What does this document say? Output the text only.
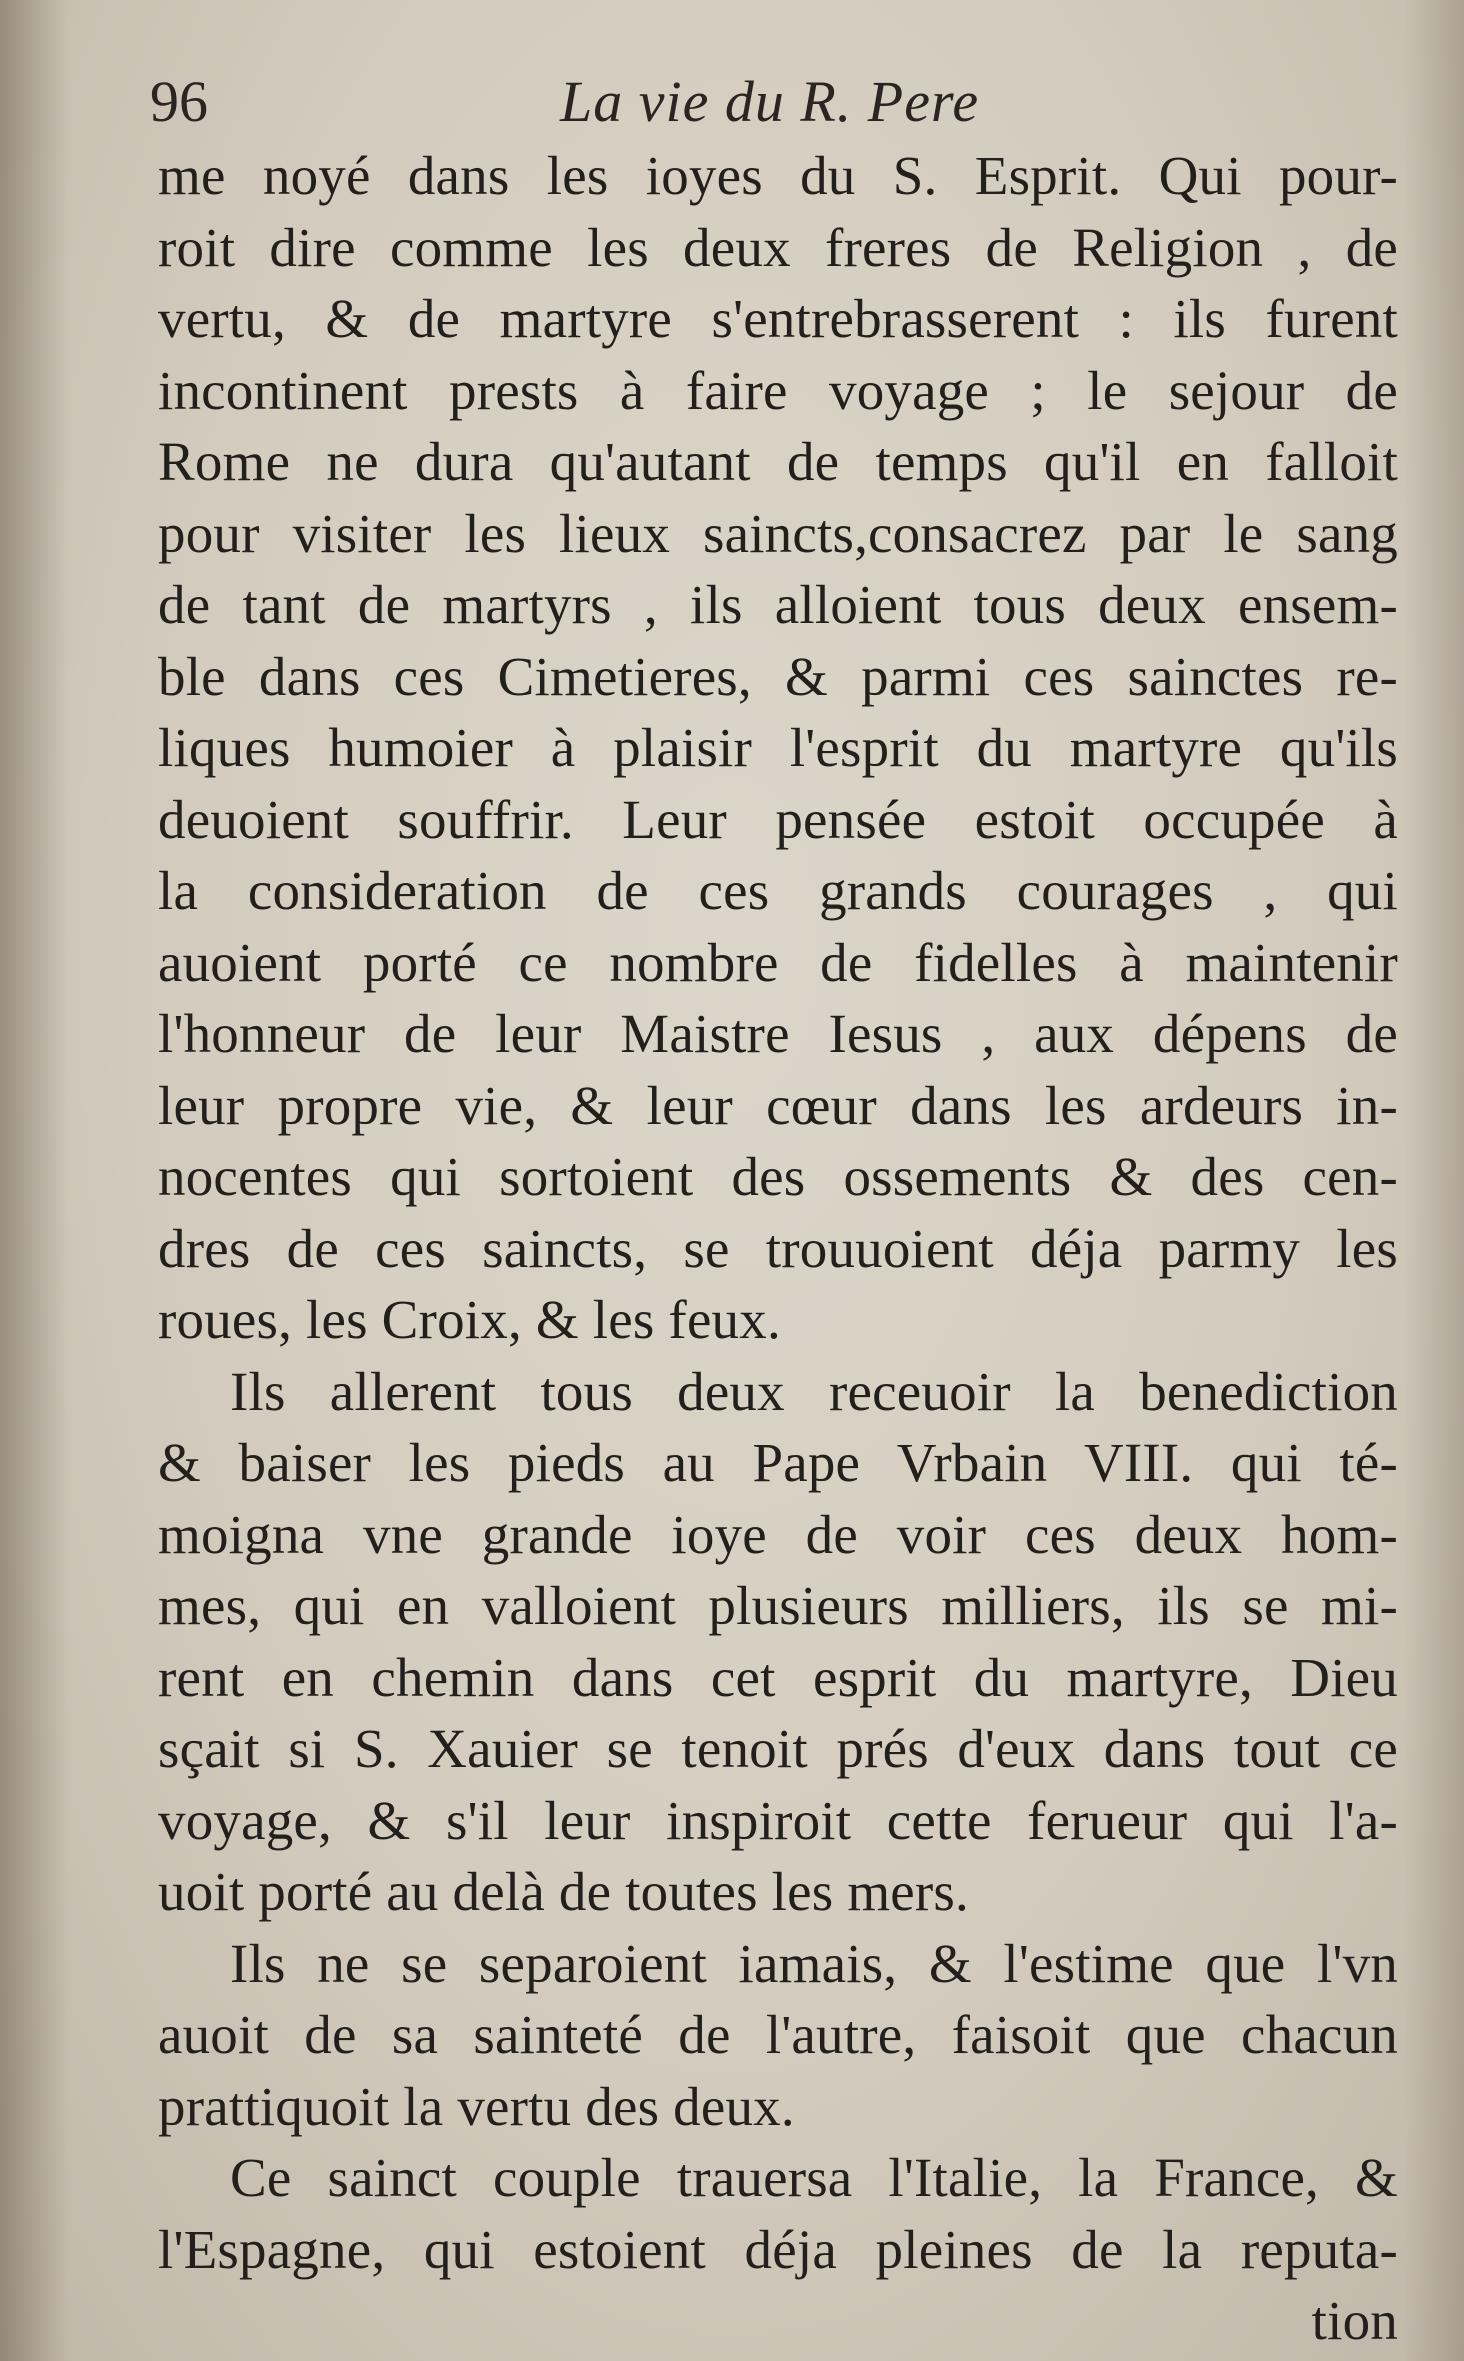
96	La vie du R. Pere
me noyé dans les ioyes du S. Esprit. Qui pour-
roit dire comme les deux freres de Religion , de
vertu, & de martyre s'entrebrasserent : ils furent
incontinent prests à faire voyage ; le sejour de
Rome ne dura qu'autant de temps qu'il en falloit
pour visiter les lieux saincts,consacrez par le sang
de tant de martyrs , ils alloient tous deux ensem-
ble dans ces Cimetieres, & parmi ces sainctes re-
liques humoier à plaisir l'esprit du martyre qu'ils
deuoient souffrir. Leur pensée estoit occupée à
la consideration de ces grands courages , qui
auoient porté ce nombre de fidelles à maintenir
l'honneur de leur Maistre Iesus , aux dépens de
leur propre vie, & leur cœur dans les ardeurs in-
nocentes qui sortoient des ossements & des cen-
dres de ces saincts, se trouuoient déja parmy les
roues, les Croix, & les feux.
Ils allerent tous deux receuoir la benediction
& baiser les pieds au Pape Vrbain VIII. qui té-
moigna vne grande ioye de voir ces deux hom-
mes, qui en valloient plusieurs milliers, ils se mi-
rent en chemin dans cet esprit du martyre, Dieu
sçait si S. Xauier se tenoit prés d'eux dans tout ce
voyage, & s'il leur inspiroit cette ferueur qui l'a-
uoit porté au delà de toutes les mers.
Ils ne se separoient iamais, & l'estime que l'vn
auoit de sa sainteté de l'autre, faisoit que chacun
prattiquoit la vertu des deux.
Ce sainct couple trauersa l'Italie, la France, &
l'Espagne, qui estoient déja pleines de la reputa-
tion
